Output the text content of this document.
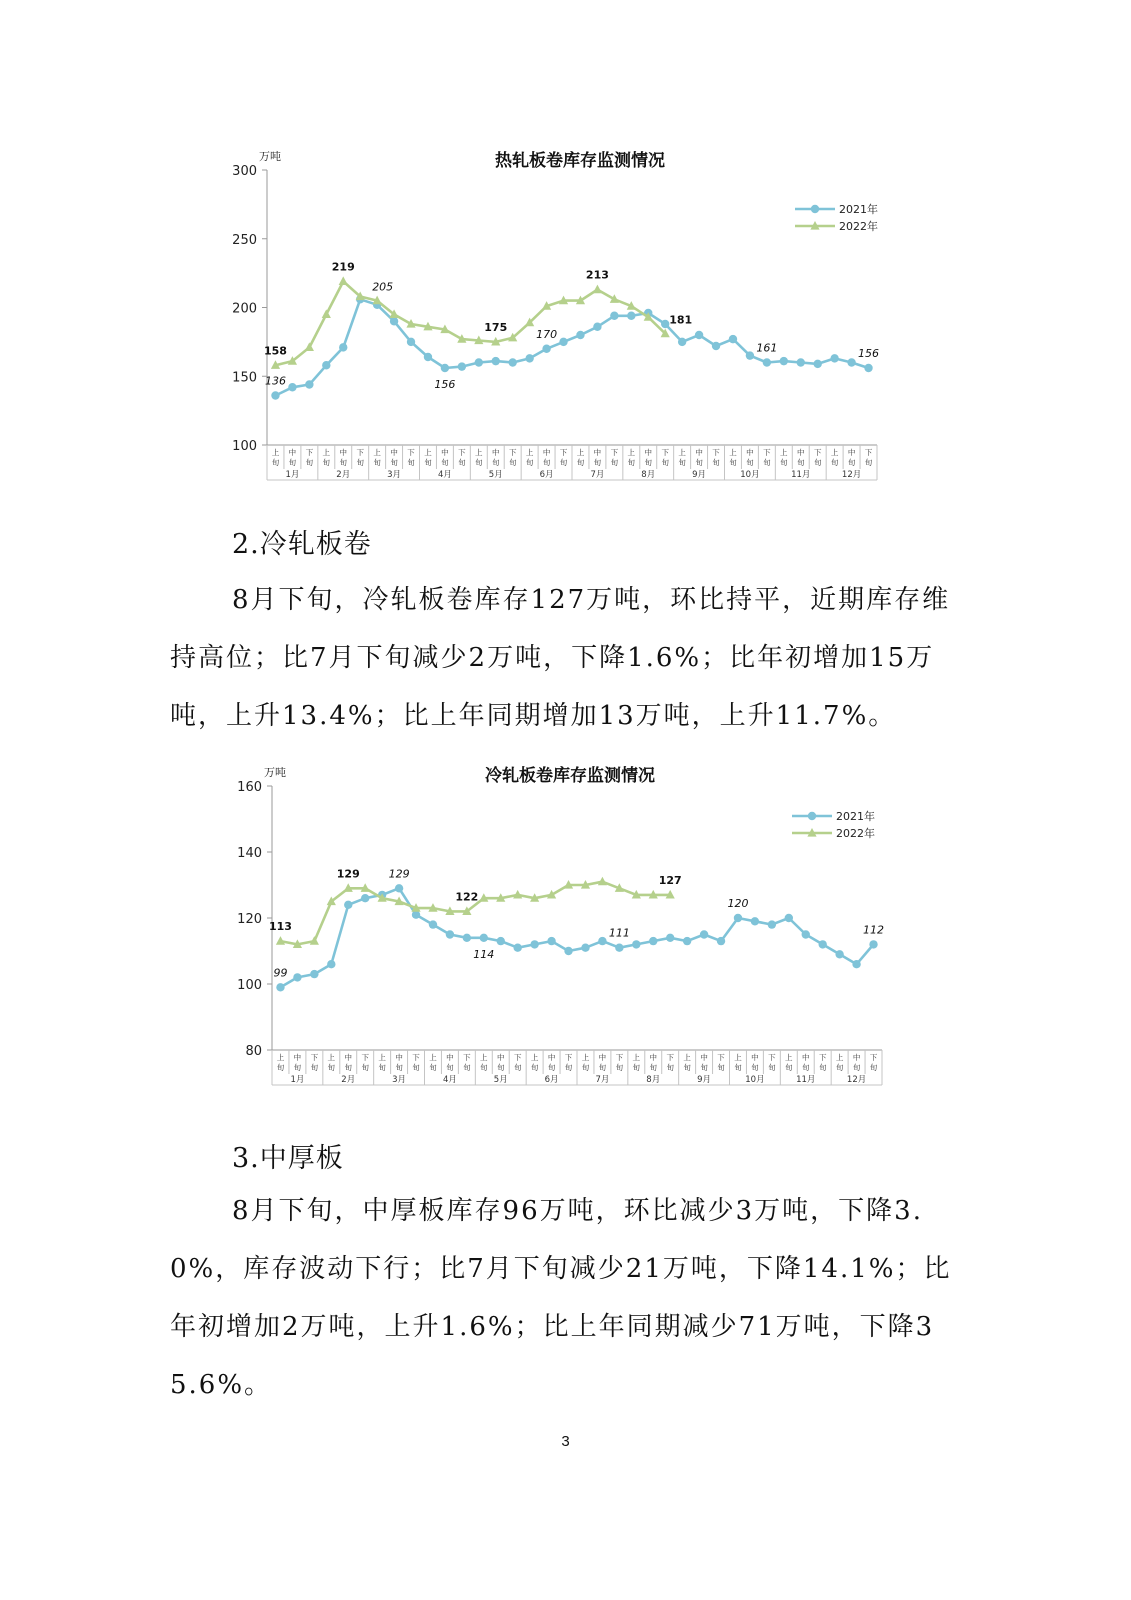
热轧板卷库存监测情况
万吨
100
150
200
250
300
上
旬
中
旬
下
旬
上
旬
中
旬
下
旬
上
旬
中
旬
下
旬
上
旬
中
旬
下
旬
上
旬
中
旬
下
旬
上
旬
中
旬
下
旬
上
旬
中
旬
下
旬
上
旬
中
旬
下
旬
上
旬
中
旬
下
旬
上
旬
中
旬
下
旬
上
旬
中
旬
下
旬
上
旬
中
旬
下
旬
1月	2月	3月	4月	5月	6月	7月	8月	9月	10月	11月	12月
158
136
219
205
156
175
170
213
181
161	156
2021年
2022年
2.冷轧板卷

8月下旬，冷轧板卷库存127万吨，环比持平，近期库存维持高位；比7月下旬减少2万吨，下降1.6%；比年初增加15万吨，上升13.4%；比上年同期增加13万吨，上升11.7%。

冷轧板卷库存监测情况
万吨
80
100
120
140
160
上
旬
中
旬
下
旬
上
旬
中
旬
下
旬
上
旬
中
旬
下
旬
上
旬
中
旬
下
旬
上
旬
中
旬
下
旬
上
旬
中
旬
下
旬
上
旬
中
旬
下
旬
上
旬
中
旬
下
旬
上
旬
中
旬
下
旬
上
旬
中
旬
下
旬
上
旬
中
旬
下
旬
上
旬
中
旬
下
旬
1月	2月	3月	4月	5月	6月	7月	8月	9月	10月	11月	12月
113
99
129	129
122
114
111
127
120
112
2021年
2022年
3.中厚板

8月下旬，中厚板库存96万吨，环比减少3万吨，下降3.0%，库存波动下行；比7月下旬减少21万吨，下降14.1%；比年初增加2万吨，上升1.6%；比上年同期减少71万吨，下降35.6%。

3
